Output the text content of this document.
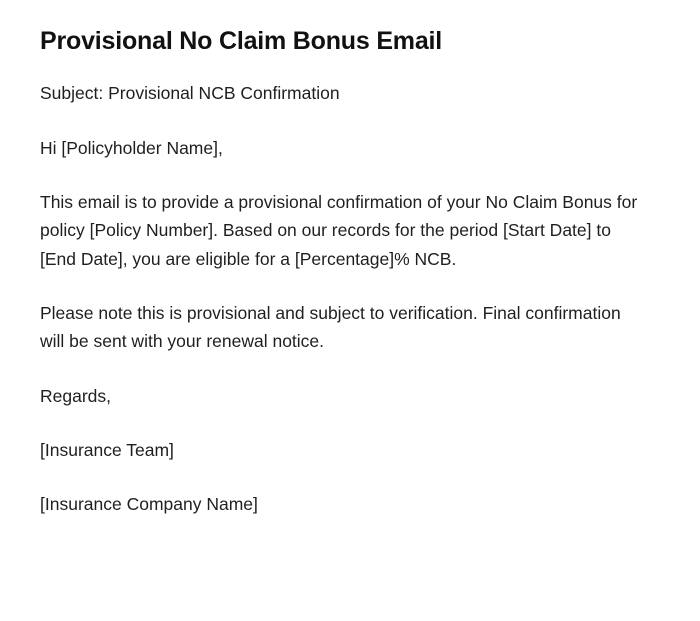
Provisional No Claim Bonus Email

Subject: Provisional NCB Confirmation

Hi [Policyholder Name],

This email is to provide a provisional confirmation of your No Claim Bonus for policy [Policy Number]. Based on our records for the period [Start Date] to [End Date], you are eligible for a [Percentage]% NCB.

Please note this is provisional and subject to verification. Final confirmation will be sent with your renewal notice.

Regards,

[Insurance Team]

[Insurance Company Name]
